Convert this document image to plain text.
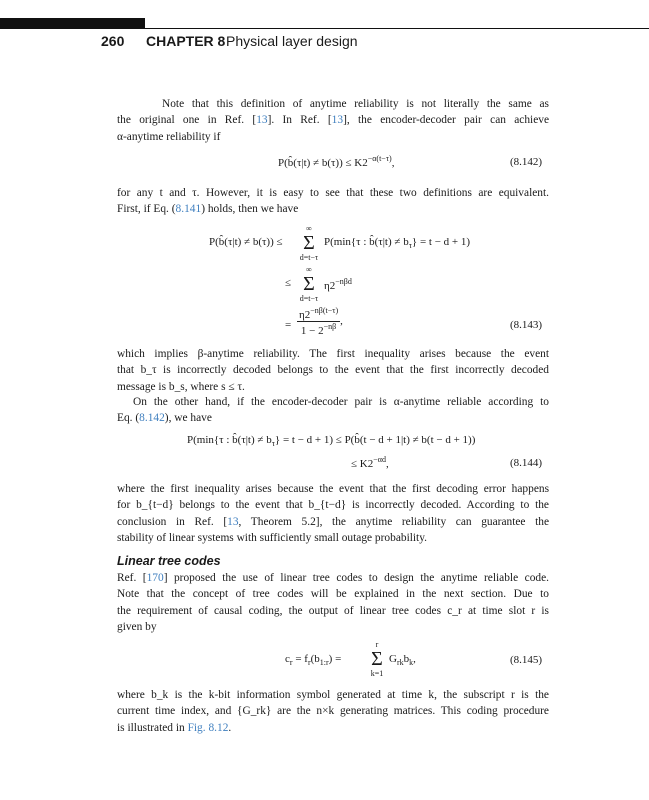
260 CHAPTER 8 Physical layer design
Note that this definition of anytime reliability is not literally the same as
the original one in Ref. [13]. In Ref. [13], the encoder-decoder pair can achieve
α-anytime reliability if
P(b̂(τ|t) ≠ $b(\tau)) \le K2^{-\alpha(t-\tau)}$,	(8.142)
for any t and τ. However, it is easy to see that these two definitions are equivalent.
First, if Eq. (8.141) holds, then we have
P(b̂(τ|t) ≠ b(τ)) ≤
∞
Σ
d=t−τ
P(min{τ : b̂(τ|t) ≠ $b_\tau\} = t - d + 1$)
≤
∞
Σ
d=t−τ
$\eta 2^{-n\beta d}$
= $\frac{\eta 2^{-n\beta(t-\tau)}}{1 - 2^{-n\beta}}$ ,	(8.143)
which implies β-anytime reliability. The first inequality arises because the event
that b_τ is incorrectly decoded belongs to the event that the first incorrectly decoded
message is b_s, where s ≤ τ.
On the other hand, if the encoder-decoder pair is α-anytime reliable according to
Eq. (8.142), we have
P(min{τ : b̂(τ|t) ≠ $b_\tau\} = t - d + 1$) ≤ P(b̂(t − d + 1|t) ≠ b(t − d + 1))
≤ $K2^{-\alpha d}$,	(8.144)
where the first inequality arises because the event that the first decoding error happens
for b_{t−d} belongs to the event that b_{t−d} is incorrectly decoded. According to the
conclusion in Ref. [13, Theorem 5.2], the anytime reliability can guarantee the
stability of linear systems with sufficiently small outage probability.
Linear tree codes
Ref. [170] proposed the use of linear tree codes to design the anytime reliable code.
Note that the concept of tree codes will be explained in the next section. Due to
the requirement of causal coding, the output of linear tree codes c_r at time slot r is
given by
$c_r = f_r(b_{1:r})$ =
r
Σ
k=1
$G_{rk}b_k$,	(8.145)
where b_k is the k-bit information symbol generated at time k, the subscript r is the
current time index, and {G_rk} are the n×k generating matrices. This coding procedure
is illustrated in Fig. 8.12.
